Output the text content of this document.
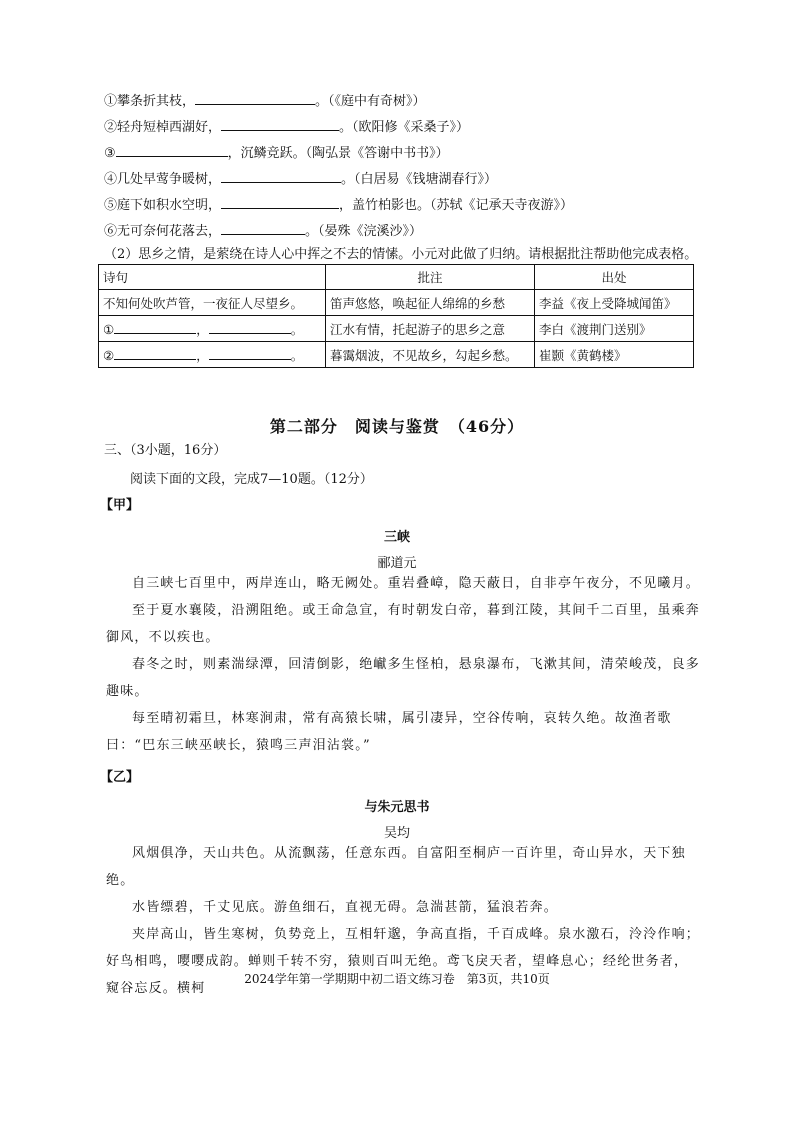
①攀条折其枝，	。（《庭中有奇树》）
②轻舟短棹西湖好，	。（欧阳修《采桑子》）
③	，沉鳞竞跃。（陶弘景《答谢中书书》）
④几处早莺争暖树，	。（白居易《钱塘湖春行》）
⑤庭下如积水空明，	，盖竹柏影也。（苏轼《记承天寺夜游》）
⑥无可奈何花落去，	。（晏殊《浣溪沙》）
（2）思乡之情，是萦绕在诗人心中挥之不去的情愫。小元对此做了归纳。请根据批注帮助他完成表格。
诗句	批注	出处
不知何处吹芦管，一夜征人尽望乡。	笛声悠悠，唤起征人绵绵的乡愁	李益《夜上受降城闻笛》
① ， 。	江水有情，托起游子的思乡之意	李白《渡荆门送别》
② ， 。	暮霭烟波，不见故乡，勾起乡愁。	崔颢《黄鹤楼》
第二部分　阅读与鉴赏　（46分）
三、（3小题，16分）
阅读下面的文段，完成7—10题。（12分）
【甲】
三峡
郦道元
自三峡七百里中，两岸连山，略无阙处。重岩叠嶂，隐天蔽日，自非亭午夜分，不见曦月。
至于夏水襄陵，沿溯阻绝。或王命急宣，有时朝发白帝，暮到江陵，其间千二百里，虽乘奔御风，不以疾也。
春冬之时，则素湍绿潭，回清倒影，绝𪩘多生怪柏，悬泉瀑布，飞漱其间，清荣峻茂，良多趣味。
每至晴初霜旦，林寒涧肃，常有高猿长啸，属引凄异，空谷传响，哀转久绝。故渔者歌曰：“巴东三峡巫峡长，猿鸣三声泪沾裳。”
【乙】
与朱元思书
吴均
风烟俱净，天山共色。从流飘荡，任意东西。自富阳至桐庐一百许里，奇山异水，天下独绝。
水皆缥碧，千丈见底。游鱼细石，直视无碍。急湍甚箭，猛浪若奔。
夹岸高山，皆生寒树，负势竞上，互相轩邈，争高直指，千百成峰。泉水激石，泠泠作响；好鸟相鸣，嘤嘤成韵。蝉则千转不穷，猿则百叫无绝。鸢飞戾天者，望峰息心；经纶世务者，窥谷忘反。横柯
2024学年第一学期期中初二语文练习卷　第3页，共10页
